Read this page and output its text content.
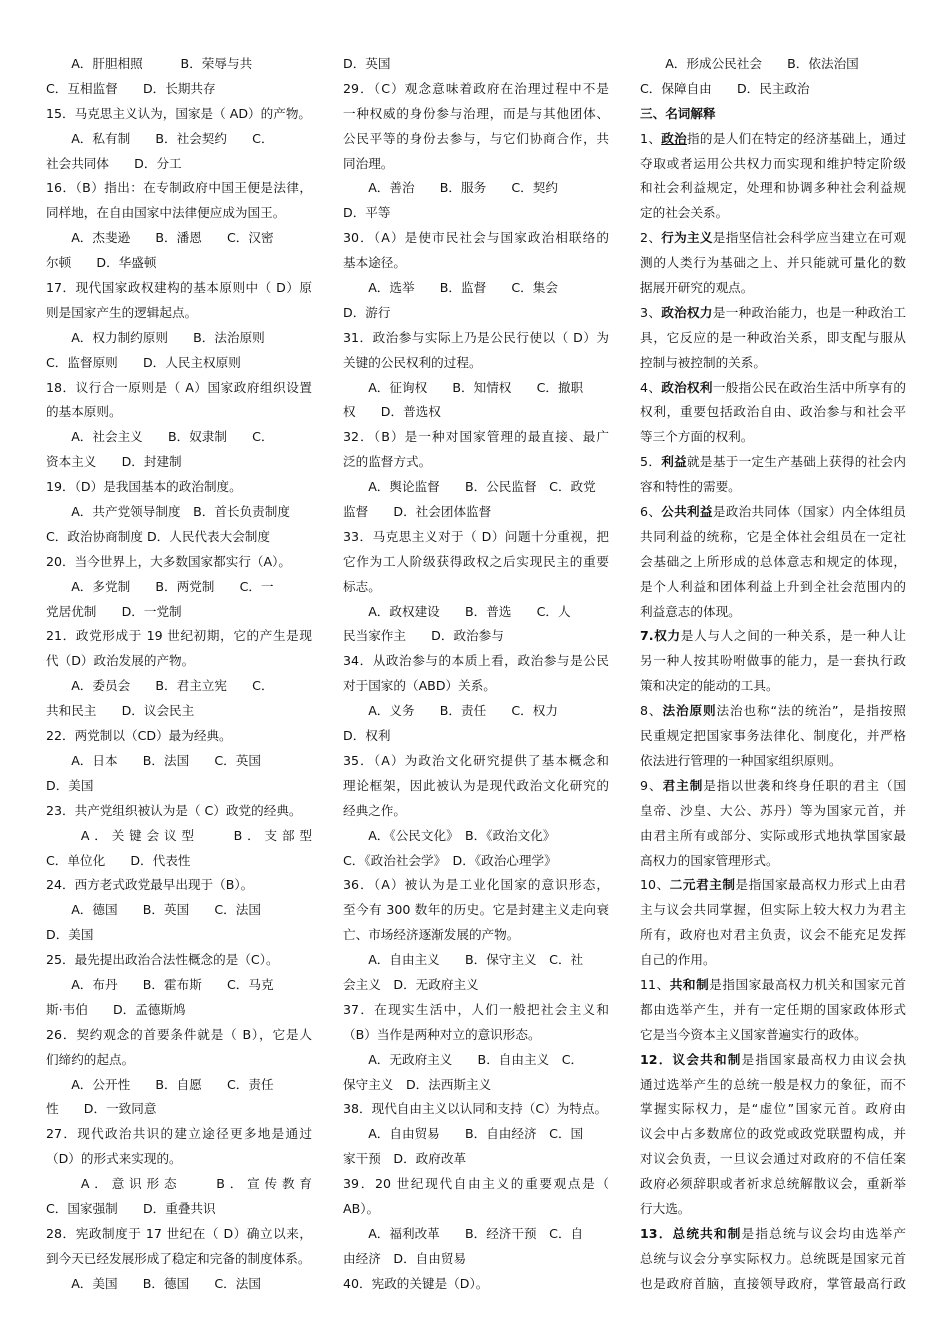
　　A．肝胆相照　　　B．荣辱与共
C．互相监督　　D．长期共存
15．马克思主义认为，国家是（ AD）的产物。
　　A．私有制　　B．社会契约　　C．
社会共同体　　D．分工
16．（B）指出：在专制政府中国王便是法律，
同样地，在自由国家中法律便应成为国王。
　　A．杰斐逊　　B．潘恩　　C．汉密
尔顿　　D．华盛顿
17．现代国家政权建构的基本原则中（ D）原
则是国家产生的逻辑起点。
　　A．权力制约原则　　B．法治原则
C．监督原则　　D．人民主权原则
18．议行合一原则是（ A）国家政府组织设置
的基本原则。
　　A．社会主义　　B．奴隶制　　C．
资本主义　　D．封建制
19．（D）是我国基本的政治制度。
　　A．共产党领导制度　B．首长负责制度
C．政治协商制度 D．人民代表大会制度
20．当今世界上，大多数国家都实行（A）。
　　A．多党制　　B．两党制　　C．一
党居优制　　D．一党制
21．政党形成于 19 世纪初期，它的产生是现
代（D）政治发展的产物。
　　A．委员会　　B．君主立宪　　C．
共和民主　　D．议会民主
22．两党制以（CD）最为经典。
　　A．日本　　B．法国　　C．英国
D．美国
23．共产党组织被认为是（ C）政党的经典。
　　A．关键会议型　　B．支部型
C．单位化　　D．代表性
24．西方老式政党最早出现于（B）。
　　A．德国　　B．英国　　C．法国
D．美国
25．最先提出政治合法性概念的是（C）。
　　A．布丹　　B．霍布斯　　C．马克
斯·韦伯　　D．孟德斯鸠
26．契约观念的首要条件就是（ B），它是人
们缔约的起点。
　　A．公开性　　B．自愿　　C．责任
性　　D．一致同意
27．现代政治共识的建立途径更多地是通过
（D）的形式来实现的。
　　A．意识形态　　B．宣传教育
C．国家强制　　D．重叠共识
28．宪政制度于 17 世纪在（ D）确立以来，
到今天已经发展形成了稳定和完备的制度体系。
　　A．美国　　B．德国　　C．法国
D．英国
29．（C）观念意味着政府在治理过程中不是
一种权威的身份参与治理，而是与其他团体、
公民平等的身份去参与，与它们协商合作，共
同治理。
　　A．善治　　B．服务　　C．契约
D．平等
30．（A）是使市民社会与国家政治相联络的
基本途径。
　　A．选举　　B．监督　　C．集会
D．游行
31．政治参与实际上乃是公民行使以（ D）为
关键的公民权利的过程。
　　A．征询权　　B．知情权　　C．撤职
权　　D．普选权
32．（B）是一种对国家管理的最直接、最广
泛的监督方式。
　　A．舆论监督　　B．公民监督　C．政党
监督　　D．社会团体监督
33．马克思主义对于（ D）问题十分重视，把
它作为工人阶级获得政权之后实现民主的重要
标志。
　　A．政权建设　　B．普选　　C．人
民当家作主　　D．政治参与
34．从政治参与的本质上看，政治参与是公民
对于国家的（ABD）关系。
　　A．义务　　B．责任　　C．权力
D．权利
35．（A）为政治文化研究提供了基本概念和
理论框架，因此被认为是现代政治文化研究的
经典之作。
　　A．《公民文化》　B．《政治文化》
C．《政治社会学》　D．《政治心理学》
36．（A）被认为是工业化国家的意识形态，
至今有 300 数年的历史。它是封建主义走向衰
亡、市场经济逐渐发展的产物。
　　A．自由主义　　B．保守主义　C．社
会主义　D．无政府主义
37．在现实生活中，人们一般把社会主义和
（B）当作是两种对立的意识形态。
　　A．无政府主义　　B．自由主义　C．
保守主义　D．法西斯主义
38．现代自由主义以认同和支持（C）为特点。
　　A．自由贸易　　B．自由经济　C．国
家干预　D．政府改革
39．20 世纪现代自由主义的重要观点是（
AB）。
　　A．福利改革　　B．经济干预　C．自
由经济　D．自由贸易
40．宪政的关键是（D）。
　　A．形成公民社会　　B．依法治国
C．保障自由　　D．民主政治
三、名词解释
1、政治指的是人们在特定的经济基础上，通过
夺取或者运用公共权力而实现和维护特定阶级
和社会利益规定，处理和协调多种社会利益规
定的社会关系。
2、行为主义是指坚信社会科学应当建立在可观
测的人类行为基础之上、并只能就可量化的数
据展开研究的观点。
3、政治权力是一种政治能力，也是一种政治工
具，它反应的是一种政治关系，即支配与服从
控制与被控制的关系。
4、政治权利一般指公民在政治生活中所享有的
权利，重要包括政治自由、政治参与和社会平
等三个方面的权利。
5．利益就是基于一定生产基础上获得的社会内
容和特性的需要。
6、公共利益是政治共同体（国家）内全体组员
共同利益的统称，它是全体社会组员在一定社
会基础之上所形成的总体意志和规定的体现，
是个人利益和团体利益上升到全社会范围内的
利益意志的体现。
7.权力是人与人之间的一种关系，是一种人让
另一种人按其吩咐做事的能力，是一套执行政
策和决定的能动的工具。
8、法治原则法治也称“法的统治”，是指按照
民重规定把国家事务法律化、制度化，并严格
依法进行管理的一种国家组织原则。
9、君主制是指以世袭和终身任职的君主（国
皇帝、沙皇、大公、苏丹）等为国家元首，并
由君主所有或部分、实际或形式地执掌国家最
高权力的国家管理形式。
10、二元君主制是指国家最高权力形式上由君
主与议会共同掌握，但实际上较大权力为君主
所有，政府也对君主负责，议会不能充足发挥
自己的作用。
11、共和制是指国家最高权力机关和国家元首
都由选举产生，并有一定任期的国家政体形式
它是当今资本主义国家普遍实行的政体。
12．议会共和制是指国家最高权力由议会执
通过选举产生的总统一般是权力的象征，而不
掌握实际权力，是“虚位”国家元首。政府由
议会中占多数席位的政党或政党联盟构成，并
对议会负责，一旦议会通过对政府的不信任案
政府必须辞职或者祈求总统解散议会，重新举
行大选。
13．总统共和制是指总统与议会均由选举产
总统与议会分享实际权力。总统既是国家元首
也是政府首脑，直接领导政府，掌管最高行政
